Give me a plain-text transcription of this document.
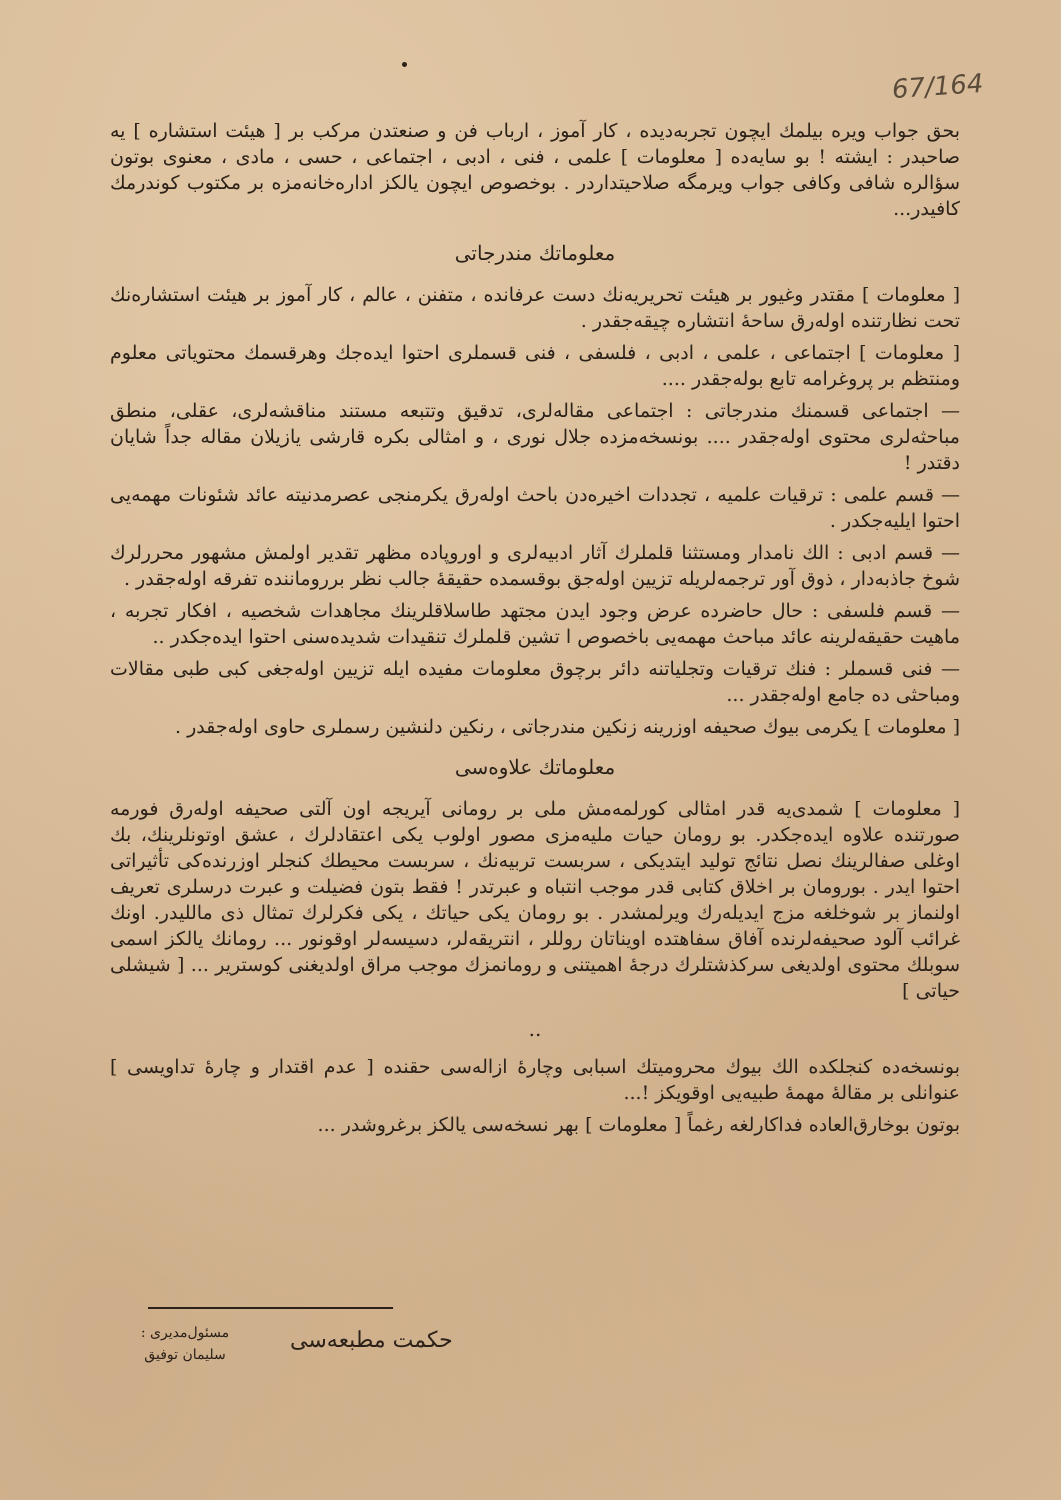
67/164

بحق جواب ویره بیلمك ایچون تجربه‌دیده ، کار آموز ، ارباب فن و صنعتدن مرکب بر [ هیئت استشاره ] یه صاحبدر : ایشته ! بو سایه‌ده [ معلومات ] علمی ، فنی ، ادبی ، اجتماعی ، حسی ، مادی ، معنوی بوتون سؤالره شافی وکافی جواب ویرمگه صلاحیتداردر . بوخصوص ایچون یالکز اداره‌خانه‌مزه بر مکتوب کوندرمك کافیدر...

معلوماتك مندرجاتی

[ معلومات ] مقتدر وغیور بر هیئت تحریریه‌نك دست عرفانده ، متفنن ، عالم ، کار آموز بر هیئت استشاره‌نك تحت نظارتنده اوله‌رق ساحهٔ انتشاره چیقه‌جقدر .

[ معلومات ] اجتماعی ، علمی ، ادبی ، فلسفی ، فنی قسملری احتوا ایده‌جك وهرقسمك محتویاتی معلوم ومنتظم بر پروغرامه تابع بوله‌جقدر ....

— اجتماعی قسمنك مندرجاتی : اجتماعی مقاله‌لری، تدقیق وتتبعه مستند مناقشه‌لری، عقلی، منطق مباحثه‌لری محتوی اوله‌جقدر .... بونسخه‌مزده جلال نوری ، و امثالی بکره قارشی یازیلان مقاله جداً شایان دقتدر !

— قسم علمی : ترقیات علمیه ، تجددات اخیره‌دن باحث اوله‌رق یکرمنجی عصرمدنیته عائد شئونات مهمه‌یی احتوا ایلیه‌جکدر .

— قسم ادبی : الك نامدار ومستثنا قلملرك آثار ادبیه‌لری و اوروپاده مظهر تقدیر اولمش مشهور محررلرك شوخ جاذبه‌دار ، ذوق آور ترجمه‌لریله تزیین اوله‌جق بوقسمده حقیقهٔ جالب نظر برروماننده تفرقه اوله‌جقدر .

— قسم فلسفی : حال حاضرده عرض وجود ایدن مجتهد طاسلاقلرینك مجاهدات شخصیه ، افکار تجربه ، ماهیت حقیقه‌لرینه عائد مباحث مهمه‌یی باخصوص ا تشین قلملرك تنقیدات شدیده‌سنی احتوا ایده‌جکدر ..

— فنی قسملر : فنك ترقیات وتجلیاتنه دائر برچوق معلومات مفیده ایله تزیین اوله‌جغی کبی طبی مقالات ومباحثی ده جامع اوله‌جقدر ...

[ معلومات ] یکرمی بیوك صحیفه اوزرینه زنکین مندرجاتی ، رنکین دلنشین رسملری حاوی اوله‌جقدر .

معلوماتك علاوه‌سی

[ معلومات ] شمدی‌یه قدر امثالی کورلمه‌مش ملی بر رومانی آیریجه اون آلتی صحیفه اوله‌رق فورمه صورتنده علاوه ایده‌جکدر. بو رومان حیات ملیه‌مزی مصور اولوب یکی اعتقادلرك ، عشق اوتونلرینك، بك اوغلی صفالرینك نصل نتائج تولید ایتدیکی ، سربست تربیه‌نك ، سربست محیطك کنجلر اوزرنده‌کی تأثیراتی احتوا ایدر . بورومان بر اخلاق کتابی قدر موجب انتباه و عبرتدر ! فقط بتون فضیلت و عبرت درسلری تعریف اولنماز بر شوخلغه مزج ایدیله‌رك ویرلمشدر . بو رومان یکی حیاتك ، یکی فکرلرك تمثال ذی ماللیدر. اونك غرائب آلود صحیفه‌لرنده آفاق سفاهتده اویناتان روللر ، انتریقه‌لر، دسیسه‌لر اوقونور ... رومانك یالکز اسمی سوبلك محتوی اولدیغی سرکذشتلرك درجهٔ اهمیتنی و رومانمزك موجب مراق اولدیغنی کوستریر ... [ شیشلی حیاتی ]

..

بونسخه‌ده کنجلکده الك بیوك محرومیتك اسبابی وچارهٔ ازاله‌سی حقنده [ عدم اقتدار و چارهٔ تداویسی ] عنوانلی بر مقالهٔ مهمهٔ طبیه‌یی اوقویکز !...

بوتون بوخارق‌العاده فداکارلغه رغماً [ معلومات ] بهر نسخه‌سی یالکز برغروشدر ...

حکمت مطبعه‌سی
مسئول‌مدیری :
سلیمان توفیق
